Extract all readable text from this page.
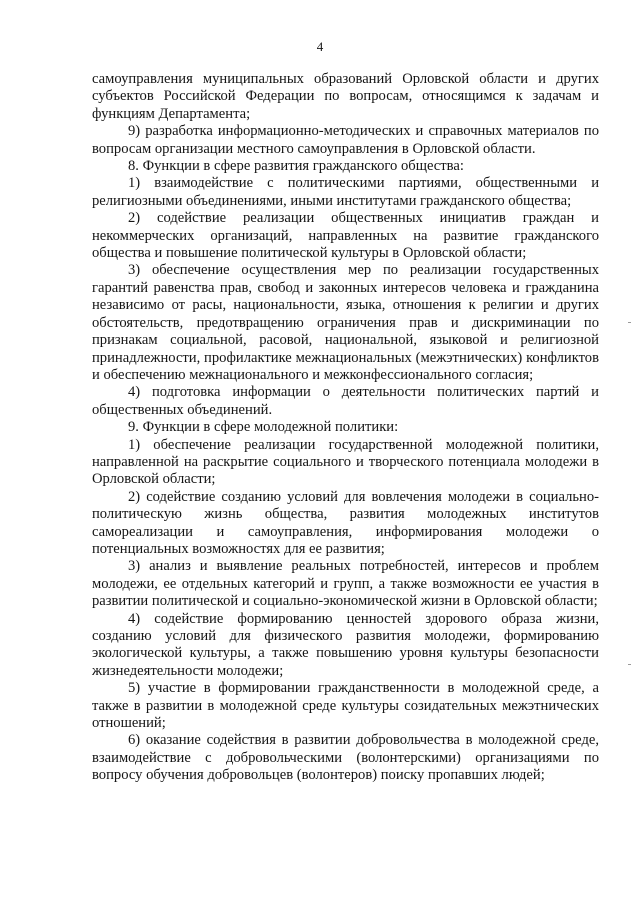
4

самоуправления муниципальных образований Орловской области и других субъектов Российской Федерации по вопросам, относящимся к задачам и функциям Департамента;

9) разработка информационно-методических и справочных материалов по вопросам организации местного самоуправления в Орловской области.

8. Функции в сфере развития гражданского общества:

1) взаимодействие с политическими партиями, общественными и религиозными объединениями, иными институтами гражданского общества;

2) содействие реализации общественных инициатив граждан и некоммерческих организаций, направленных на развитие гражданского общества и повышение политической культуры в Орловской области;

3) обеспечение осуществления мер по реализации государственных гарантий равенства прав, свобод и законных интересов человека и гражданина независимо от расы, национальности, языка, отношения к религии и других обстоятельств, предотвращению ограничения прав и дискриминации по признакам социальной, расовой, национальной, языковой и религиозной принадлежности, профилактике межнациональных (межэтнических) конфликтов и обеспечению межнационального и межконфессионального согласия;

4) подготовка информации о деятельности политических партий и общественных объединений.

9. Функции в сфере молодежной политики:

1) обеспечение реализации государственной молодежной политики, направленной на раскрытие социального и творческого потенциала молодежи в Орловской области;

2) содействие созданию условий для вовлечения молодежи в социально-политическую жизнь общества, развития молодежных институтов самореализации и самоуправления, информирования молодежи о потенциальных возможностях для ее развития;

3) анализ и выявление реальных потребностей, интересов и проблем молодежи, ее отдельных категорий и групп, а также возможности ее участия в развитии политической и социально-экономической жизни в Орловской области;

4) содействие формированию ценностей здорового образа жизни, созданию условий для физического развития молодежи, формированию экологической культуры, а также повышению уровня культуры безопасности жизнедеятельности молодежи;

5) участие в формировании гражданственности в молодежной среде, а также в развитии в молодежной среде культуры созидательных межэтнических отношений;

6) оказание содействия в развитии добровольчества в молодежной среде, взаимодействие с добровольческими (волонтерскими) организациями по вопросу обучения добровольцев (волонтеров) поиску пропавших людей;
